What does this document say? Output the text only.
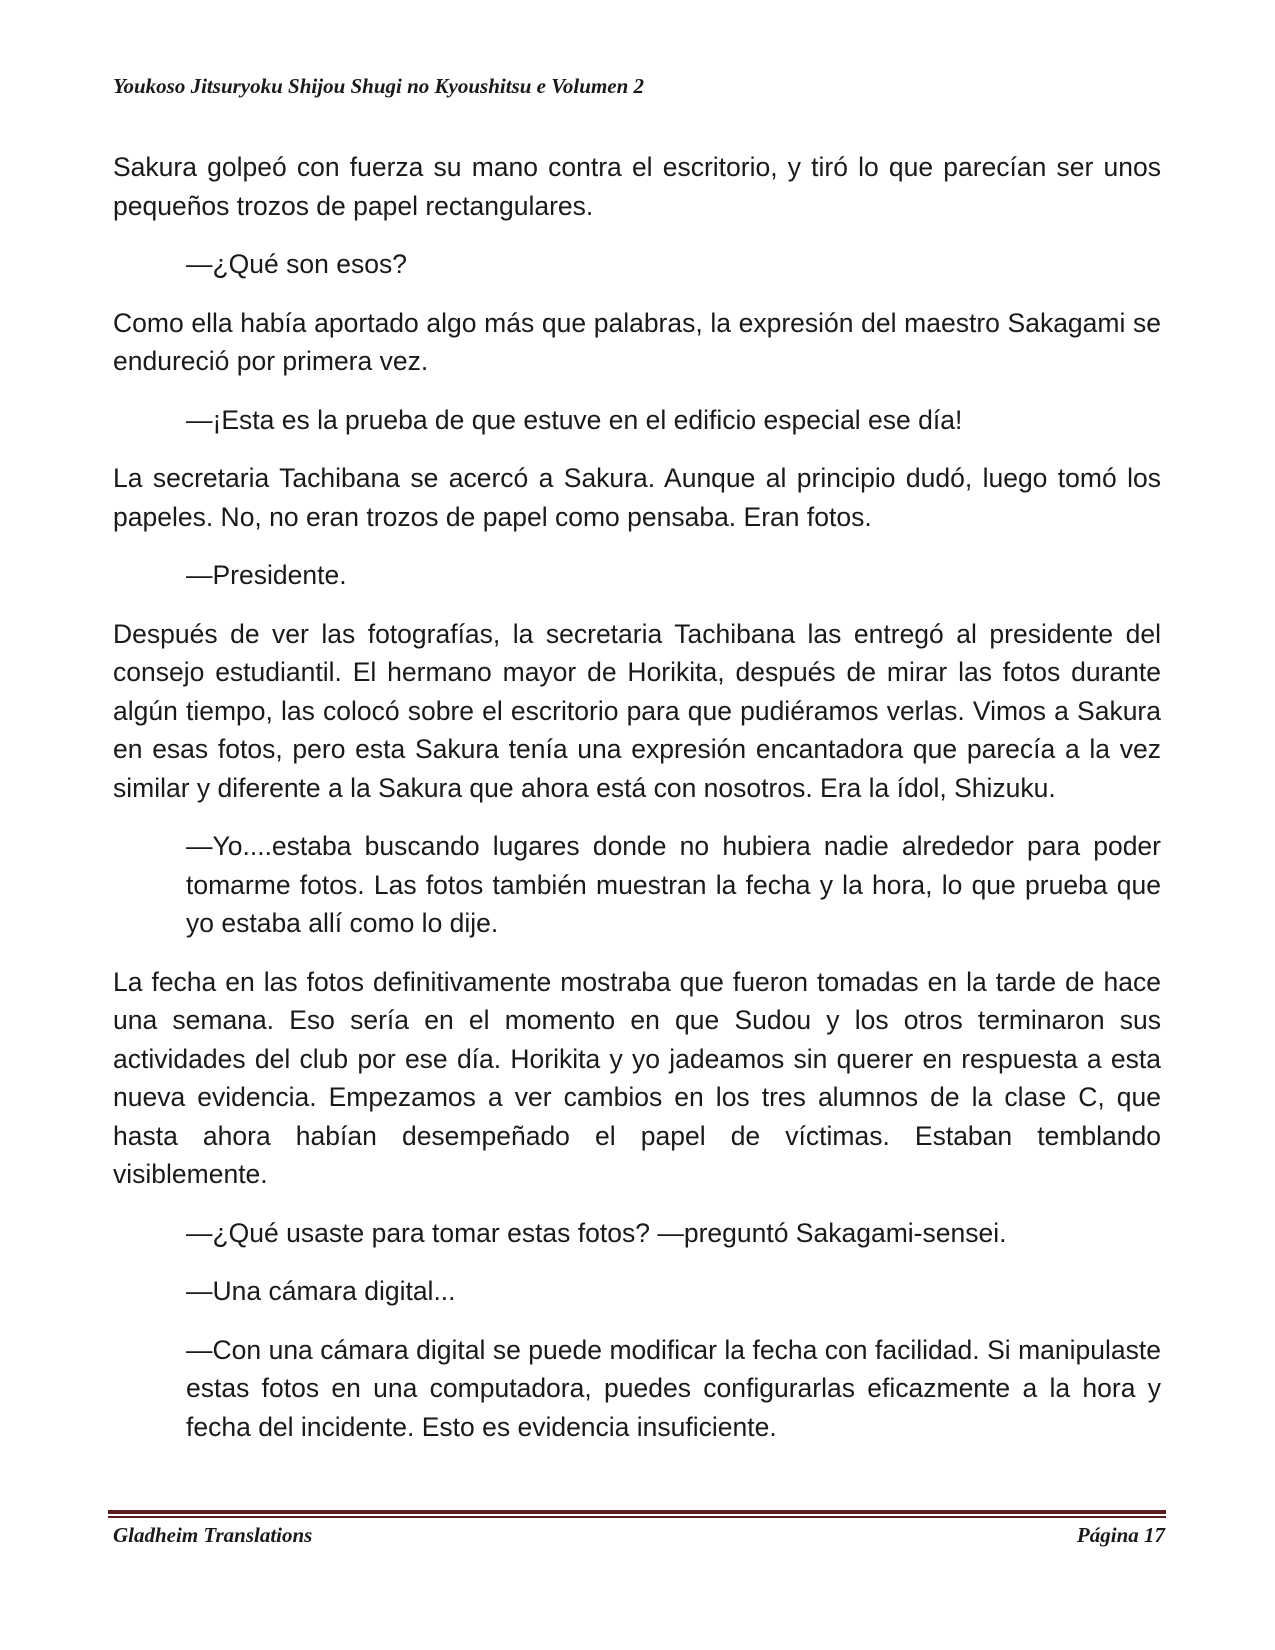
Youkoso Jitsuryoku Shijou Shugi no Kyoushitsu e Volumen 2

Sakura golpeó con fuerza su mano contra el escritorio, y tiró lo que parecían ser unos pequeños trozos de papel rectangulares.

—¿Qué son esos?

Como ella había aportado algo más que palabras, la expresión del maestro Sakagami se endureció por primera vez.

—¡Esta es la prueba de que estuve en el edificio especial ese día!

La secretaria Tachibana se acercó a Sakura. Aunque al principio dudó, luego tomó los papeles. No, no eran trozos de papel como pensaba. Eran fotos.

—Presidente.

Después de ver las fotografías, la secretaria Tachibana las entregó al presidente del consejo estudiantil. El hermano mayor de Horikita, después de mirar las fotos durante algún tiempo, las colocó sobre el escritorio para que pudiéramos verlas. Vimos a Sakura en esas fotos, pero esta Sakura tenía una expresión encantadora que parecía a la vez similar y diferente a la Sakura que ahora está con nosotros. Era la ídol, Shizuku.

—Yo....estaba buscando lugares donde no hubiera nadie alrededor para poder tomarme fotos. Las fotos también muestran la fecha y la hora, lo que prueba que yo estaba allí como lo dije.

La fecha en las fotos definitivamente mostraba que fueron tomadas en la tarde de hace una semana. Eso sería en el momento en que Sudou y los otros terminaron sus actividades del club por ese día. Horikita y yo jadeamos sin querer en respuesta a esta nueva evidencia. Empezamos a ver cambios en los tres alumnos de la clase C, que hasta ahora habían desempeñado el papel de víctimas. Estaban temblando visiblemente.

—¿Qué usaste para tomar estas fotos? —preguntó Sakagami-sensei.

—Una cámara digital...

—Con una cámara digital se puede modificar la fecha con facilidad. Si manipulaste estas fotos en una computadora, puedes configurarlas eficazmente a la hora y fecha del incidente. Esto es evidencia insuficiente.

Gladheim Translations	Página 17
